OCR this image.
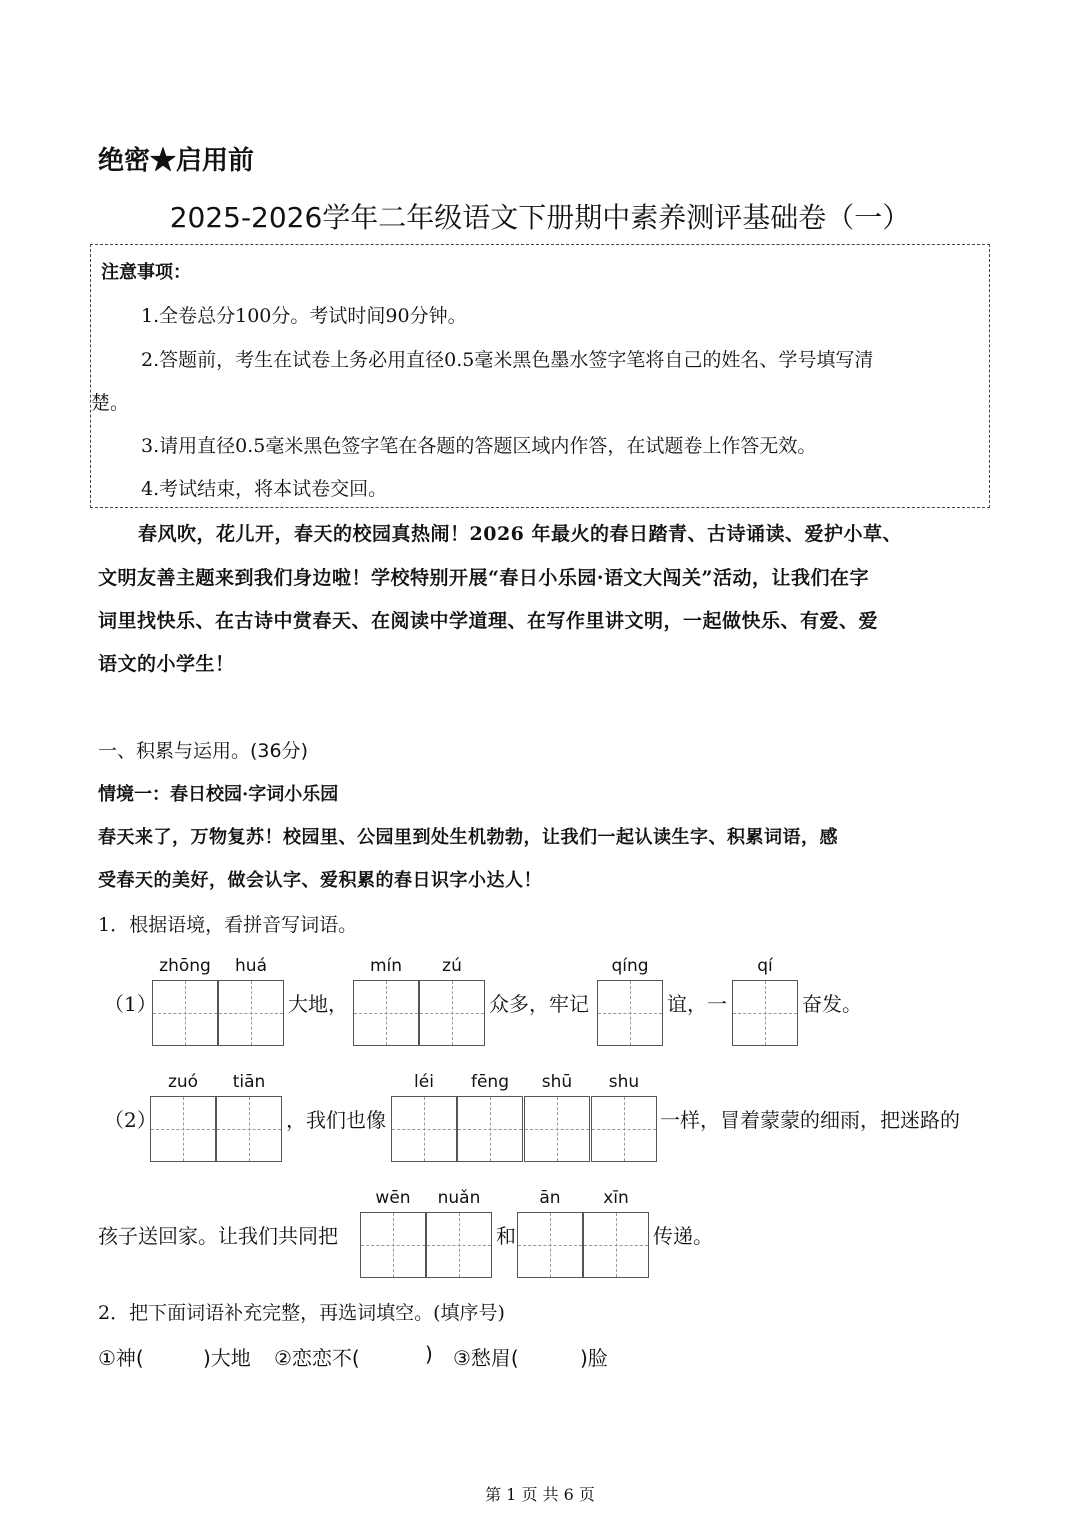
绝密★启用前
2025-2026学年二年级语文下册期中素养测评基础卷（一）
注意事项：
1.全卷总分100分。考试时间90分钟。
2.答题前，考生在试卷上务必用直径0.5毫米黑色墨水签字笔将自己的姓名、学号填写清
楚。
3.请用直径0.5毫米黑色签字笔在各题的答题区域内作答，在试题卷上作答无效。
4.考试结束，将本试卷交回。
春风吹，花儿开，春天的校园真热闹！2026 年最火的春日踏青、古诗诵读、爱护小草、
文明友善主题来到我们身边啦！学校特别开展“春日小乐园·语文大闯关”活动，让我们在字
词里找快乐、在古诗中赏春天、在阅读中学道理、在写作里讲文明，一起做快乐、有爱、爱
语文的小学生！
一、积累与运用。(36分)
情境一：春日校园·字词小乐园
春天来了，万物复苏！校园里、公园里到处生机勃勃，让我们一起认读生字、积累词语，感
受春天的美好，做会认字、爱积累的春日识字小达人！
1．根据语境，看拼音写词语。
（1）
zhōng	huá
大地，
mín	zú
众多，牢记
qíng
谊，一
qí
奋发。
（2）
zuó	tiān
，我们也像
léi	fēng	shū	shu
一样，冒着蒙蒙的细雨，把迷路的
孩子送回家。让我们共同把
wēn	nuǎn
和
ān	xīn
传递。
2．把下面词语补充完整，再选词填空。(填序号)
①神(	)大地 ②恋恋不(	) ③愁眉(	)脸
第 1 页 共 6 页
